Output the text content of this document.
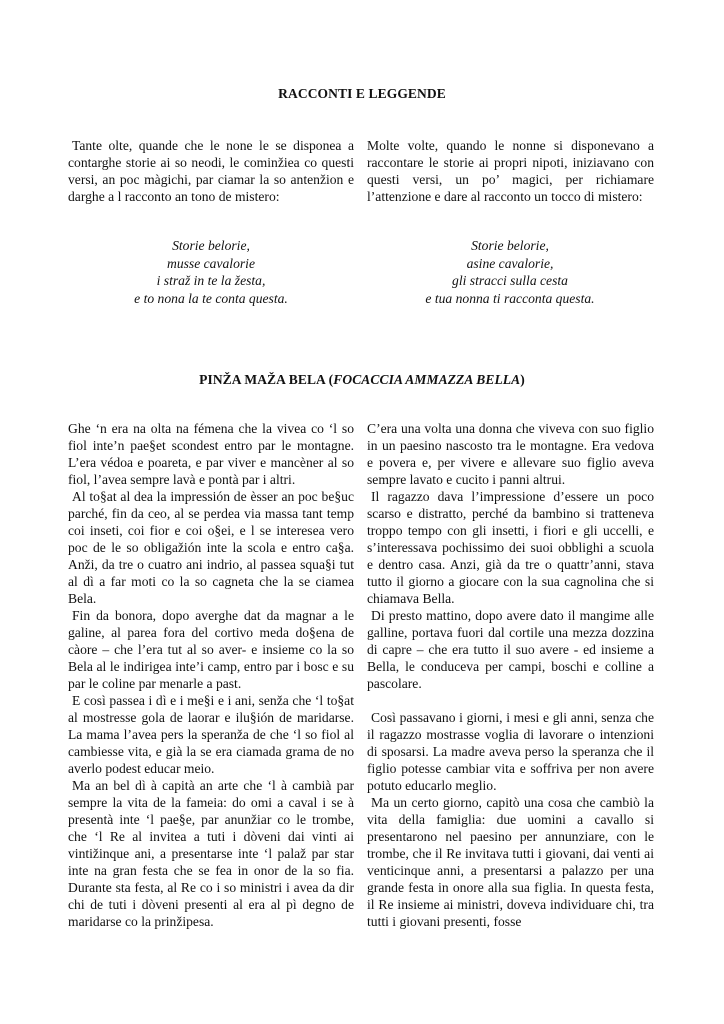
RACCONTI E LEGGENDE

Tante olte, quande che le none le se disponea a contarghe storie ai so neodi, le cominžiea co questi versi, an poc màgichi, par ciamar la so antenžion e darghe a l racconto an tono de mistero:

Molte volte, quando le nonne si disponevano a raccontare le storie ai propri nipoti, iniziavano con questi versi, un po’ magici, per richiamare l’attenzione e dare al racconto un tocco di mistero:

Storie belorie,
musse cavalorie
i straž in te la žesta,
e to nona la te conta questa.
Storie belorie,
asine cavalorie,
gli stracci sulla cesta
e tua nonna ti racconta questa.
PINŽA MAŽA BELA (FOCACCIA AMMAZZA BELLA)

Ghe ‘n era na olta na fémena che la vivea co ‘l so fiol inte’n pae§et scondest entro par le montagne. L’era védoa e poareta, e par viver e mancèner al so fiol, l’avea sempre lavà e pontà par i altri.

Al to§at al dea la impressión de èsser an poc be§uc parché, fin da ceo, al se perdea via massa tant temp coi inseti, coi fior e coi o§ei, e l se interesea vero poc de le so obligažión inte la scola e entro ca§a. Anži, da tre o cuatro ani indrio, al passea squa§i tut al dì a far moti co la so cagneta che la se ciamea Bela.

Fin da bonora, dopo averghe dat da magnar a le galine, al parea fora del cortivo meda do§ena de càore – che l’era tut al so aver- e insieme co la so Bela al le indirigea inte’i camp, entro par i bosc e su par le coline par menarle a past.

E così passea i dì e i me§i e i ani, senža che ‘l to§at al mostresse gola de laorar e ilu§ión de maridarse. La mama l’avea pers la speranža de che ‘l so fiol al cambiesse vita, e già la se era ciamada grama de no averlo podest educar meio.

Ma an bel dì à capità an arte che ‘l à cambià par sempre la vita de la fameia: do omi a caval i se à presentà inte ‘l pae§e, par anunžiar co le trombe, che ‘l Re al invitea a tuti i dòveni dai vinti ai vintižinque ani, a presentarse inte ‘l palaž par star inte na gran festa che se fea in onor de la so fia. Durante sta festa, al Re co i so ministri i avea da dir chi de tuti i dòveni presenti al era al pì degno de maridarse co la prinžipesa.

C’era una volta una donna che viveva con suo figlio in un paesino nascosto tra le montagne. Era vedova e povera e, per vivere e allevare suo figlio aveva sempre lavato e cucito i panni altrui.

Il ragazzo dava l’impressione d’essere un poco scarso e distratto, perché da bambino si tratteneva troppo tempo con gli insetti, i fiori e gli uccelli, e s’interessava pochissimo dei suoi obblighi a scuola e dentro casa. Anzi, già da tre o quattr’anni, stava tutto il giorno a giocare con la sua cagnolina che si chiamava Bella.

Di presto mattino, dopo avere dato il mangime alle galline, portava fuori dal cortile una mezza dozzina di capre – che era tutto il suo avere - ed insieme a Bella, le conduceva per campi, boschi e colline a pascolare.

Così passavano i giorni, i mesi e gli anni, senza che il ragazzo mostrasse voglia di lavorare o intenzioni di sposarsi. La madre aveva perso la speranza che il figlio potesse cambiar vita e soffriva per non avere potuto educarlo meglio.

Ma un certo giorno, capitò una cosa che cambiò la vita della famiglia: due uomini a cavallo si presentarono nel paesino per annunziare, con le trombe, che il Re invitava tutti i giovani, dai venti ai venticinque anni, a presentarsi a palazzo per una grande festa in onore alla sua figlia. In questa festa, il Re insieme ai ministri, doveva individuare chi, tra tutti i giovani presenti, fosse
